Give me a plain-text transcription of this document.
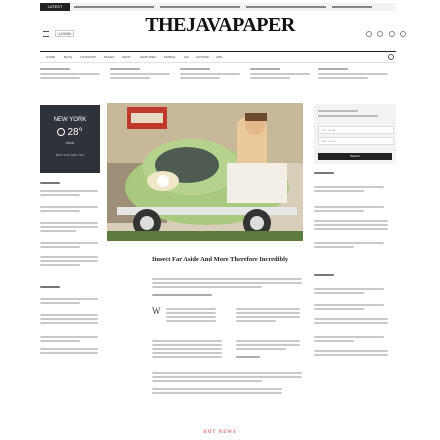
LATEST
LOGIN	THEJAVAPAPER

HOME	BLOG	CATEGORY PAGES	SHOP	FEATURES	MOBILE	GIF AUTHOR ADS
NEW YORK
28°
clear
MON TUE WED THU
Iinsect Far Aside And More Therefore Incredibly
W
Your email
Your name
Submit
HOT NEWS
